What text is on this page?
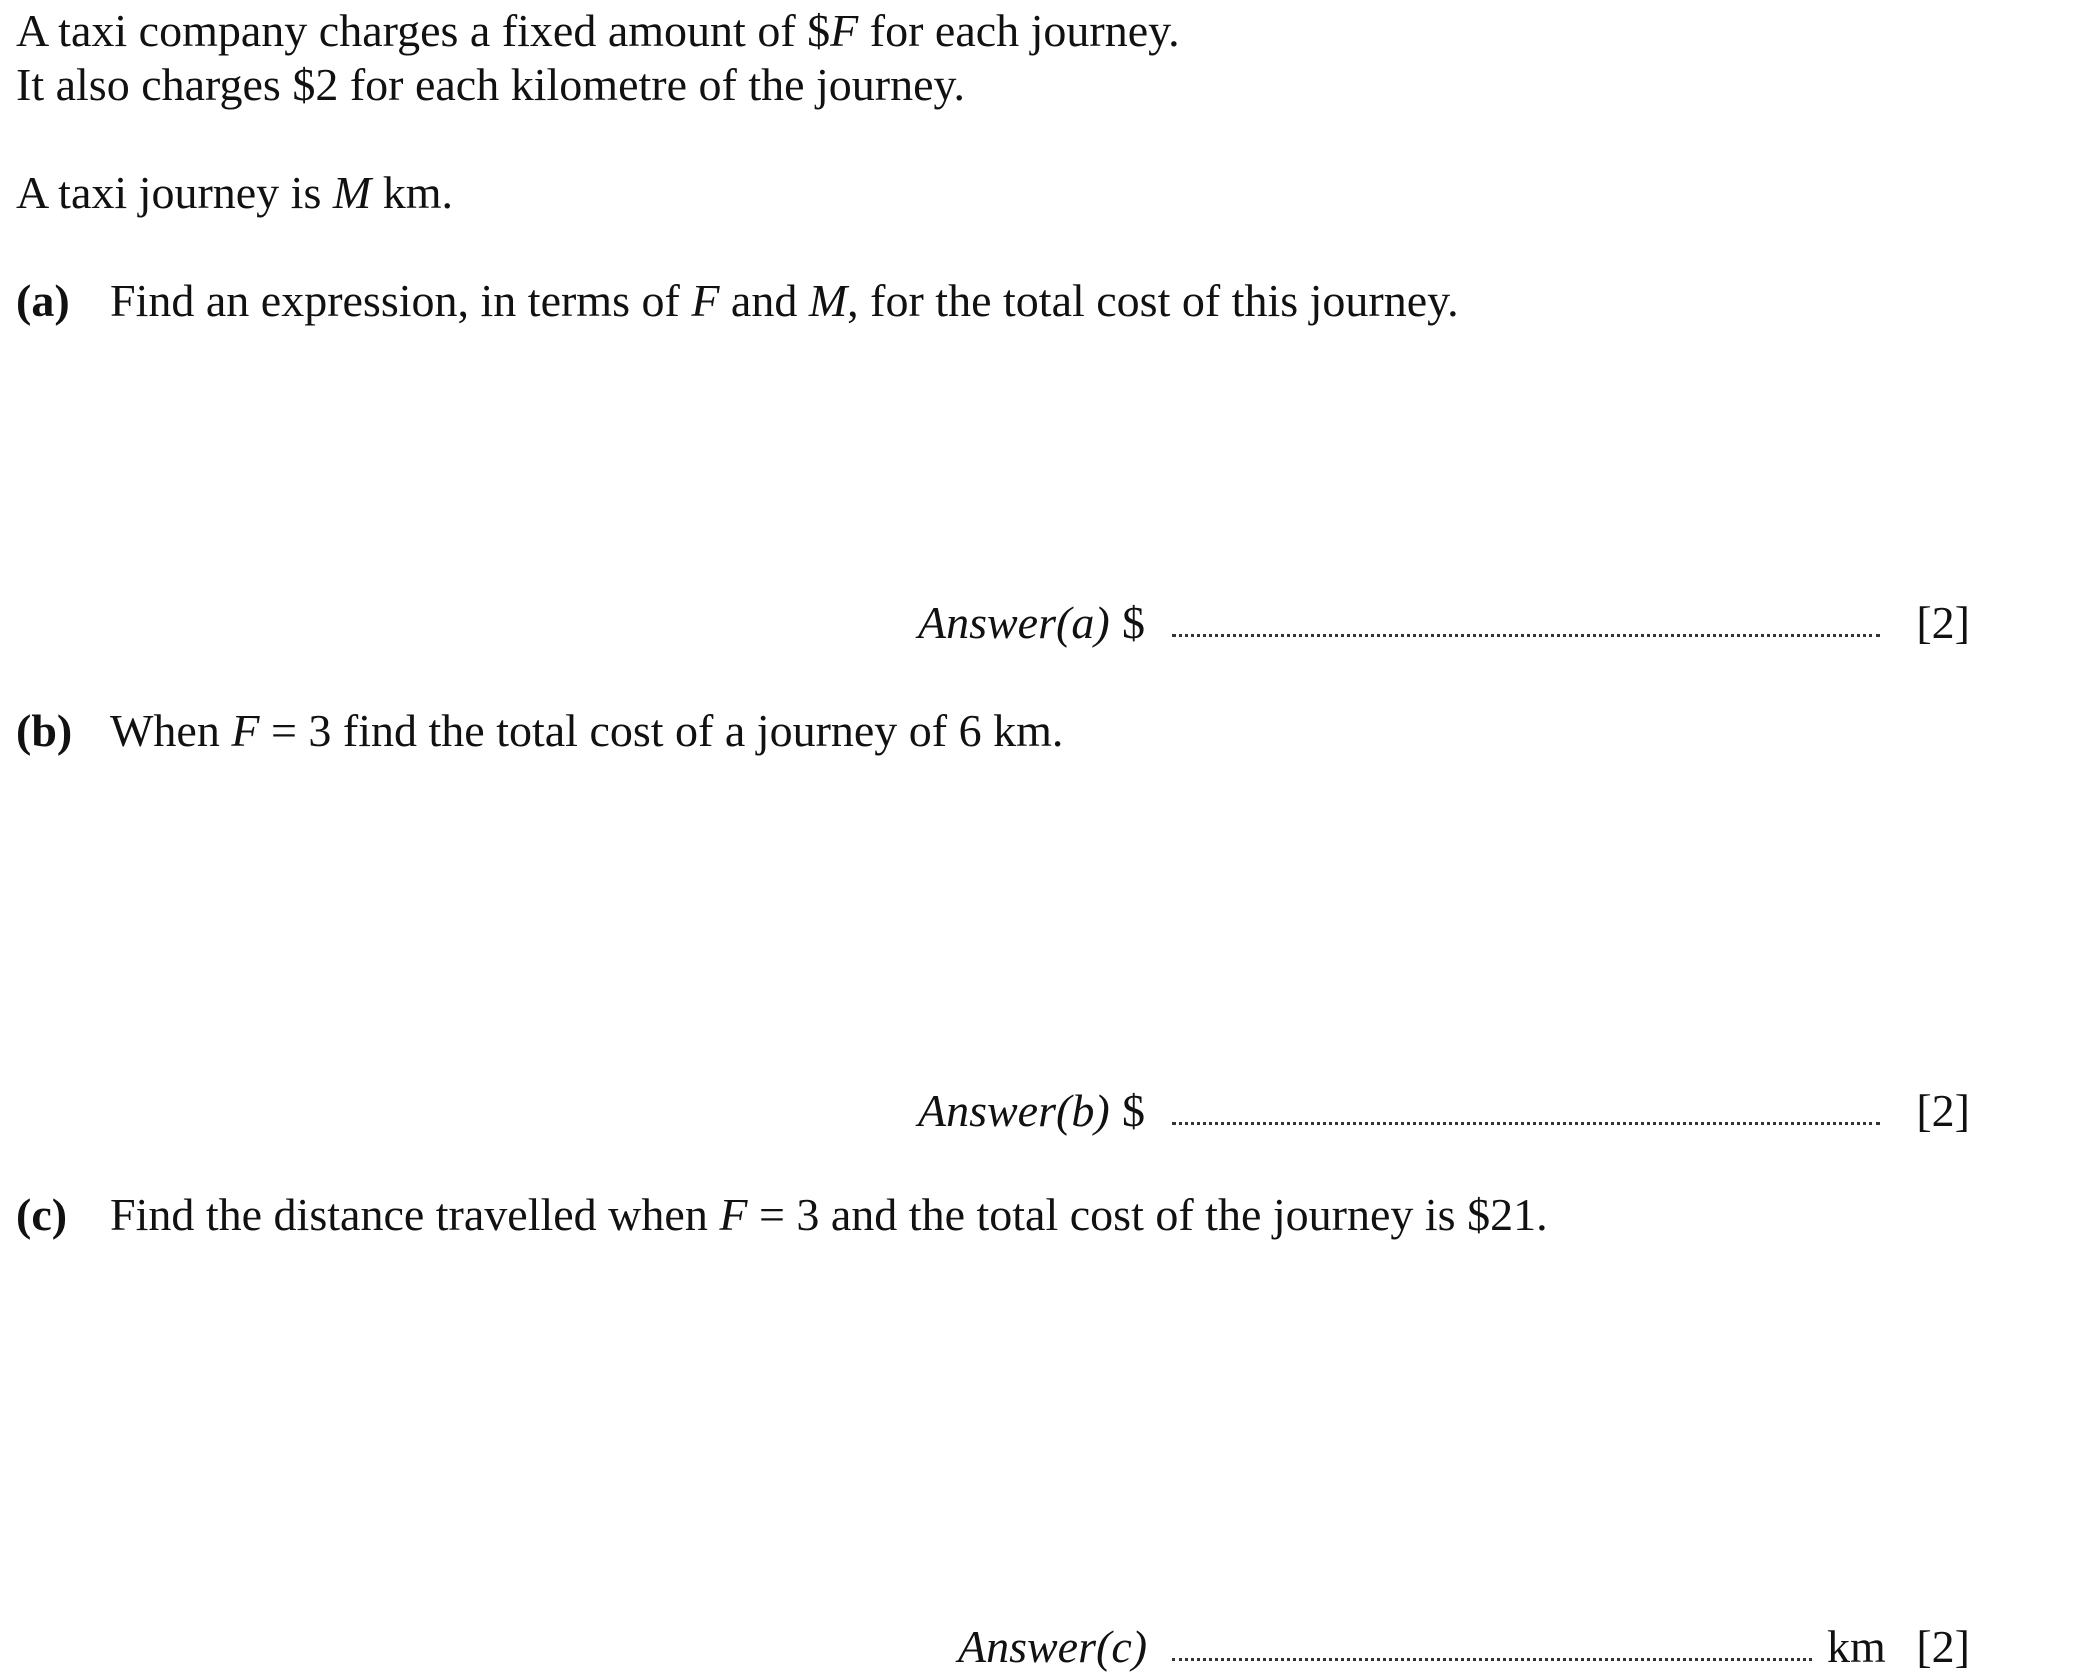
A taxi company charges a fixed amount of $F for each journey.
It also charges $2 for each kilometre of the journey.
A taxi journey is M km.
(a) Find an expression, in terms of F and M, for the total cost of this journey.
Answer(a) $	[2]
(b) When F = 3 find the total cost of a journey of 6 km.
Answer(b) $	[2]
(c) Find the distance travelled when F = 3 and the total cost of the journey is $21.
Answer(c)	km [2]
